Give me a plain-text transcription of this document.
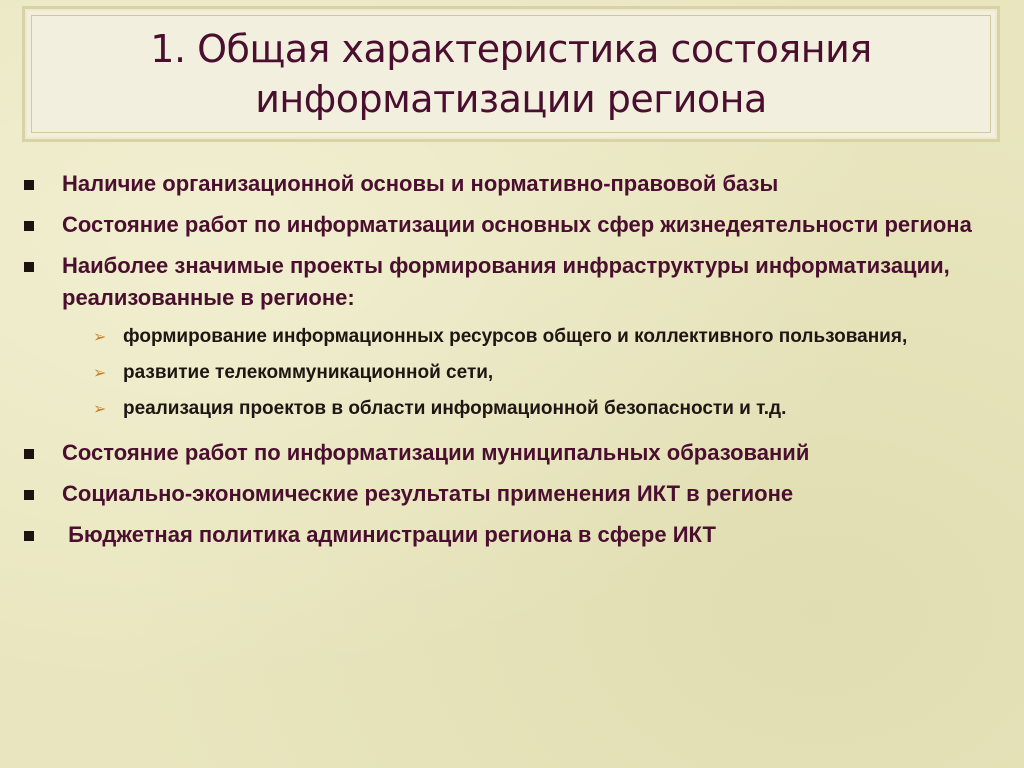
1. Общая характеристика состояния
информатизации региона
Наличие организационной основы и нормативно-правовой базы
Состояние работ по информатизации основных сфер жизнедеятельности региона
Наиболее значимые проекты формирования инфраструктуры информатизации, реализованные в регионе:
➢ формирование информационных ресурсов общего и коллективного пользования,
➢ развитие телекоммуникационной сети,
➢ реализация проектов в области информационной безопасности и т.д.
Состояние работ по информатизации муниципальных образований
Социально-экономические результаты применения ИКТ в регионе
Бюджетная политика администрации региона в сфере ИКТ
